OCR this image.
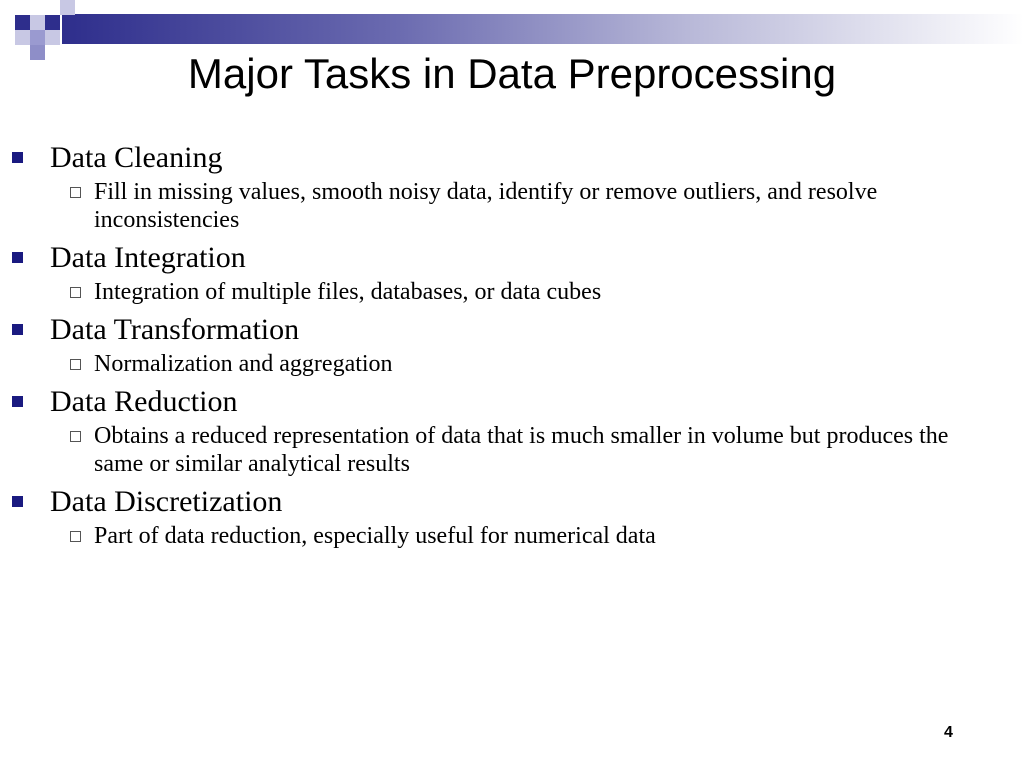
Major Tasks in Data Preprocessing
Data Cleaning
Fill in missing values, smooth noisy data, identify or remove outliers, and resolve inconsistencies
Data Integration
Integration of multiple files, databases, or data cubes
Data Transformation
Normalization and aggregation
Data Reduction
Obtains a reduced representation of data that is much smaller in volume but produces the same or similar analytical results
Data Discretization
Part of data reduction, especially useful for numerical data
4
